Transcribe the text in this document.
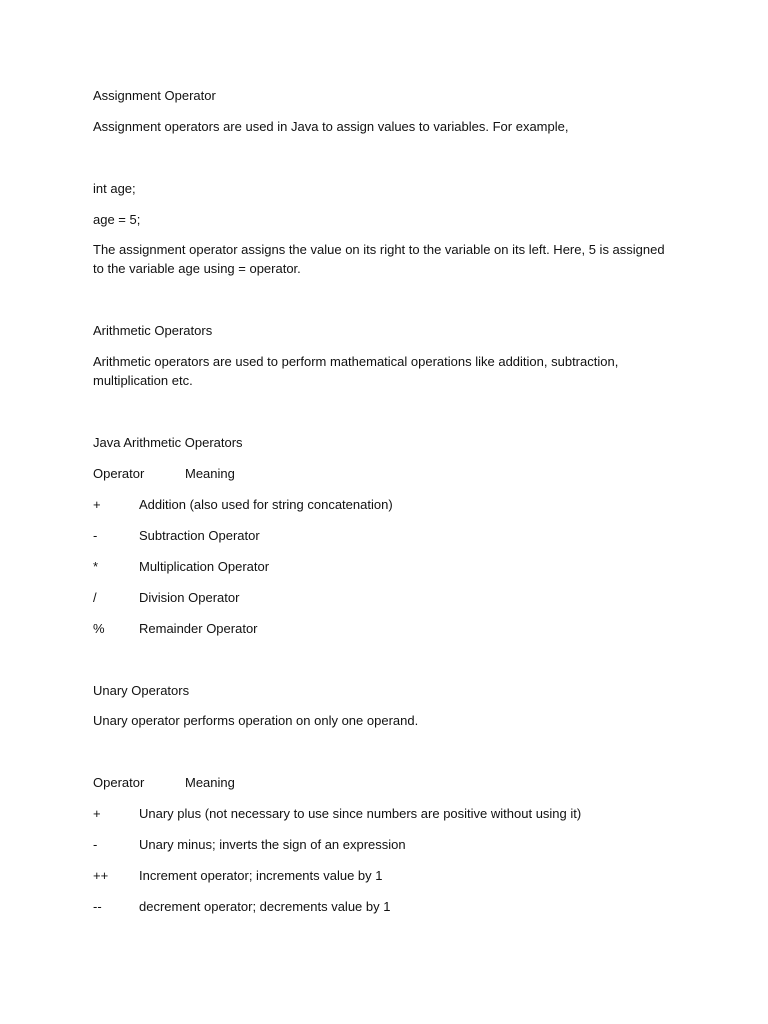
Assignment Operator
Assignment operators are used in Java to assign values to variables. For example,
int age;
age = 5;
The assignment operator assigns the value on its right to the variable on its left. Here, 5 is assigned
to the variable age using = operator.
Arithmetic Operators
Arithmetic operators are used to perform mathematical operations like addition, subtraction,
multiplication etc.
Java Arithmetic Operators
Operator	Meaning
+	Addition (also used for string concatenation)
-	Subtraction Operator
*	Multiplication Operator
/	Division Operator
%	Remainder Operator
Unary Operators
Unary operator performs operation on only one operand.
Operator	Meaning
+	Unary plus (not necessary to use since numbers are positive without using it)
-	Unary minus; inverts the sign of an expression
++ Increment operator; increments value by 1
--	decrement operator; decrements value by 1
